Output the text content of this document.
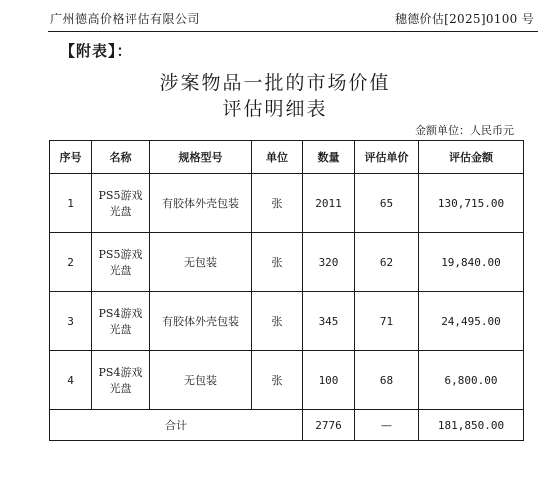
广州德高价格评估有限公司	穗德价估[2025]0100 号
【附表】：
涉案物品一批的市场价值
评估明细表
金额单位：人民币元
序号	名称	规格型号	单位	数量	评估单价	评估金额
1	PS5游戏光盘	有胶体外壳包装	张	2011	65	130,715.00
2	PS5游戏光盘	无包装	张	320	62	19,840.00
3	PS4游戏光盘	有胶体外壳包装	张	345	71	24,495.00
4	PS4游戏光盘	无包装	张	100	68	6,800.00
合计				2776	—	181,850.00
